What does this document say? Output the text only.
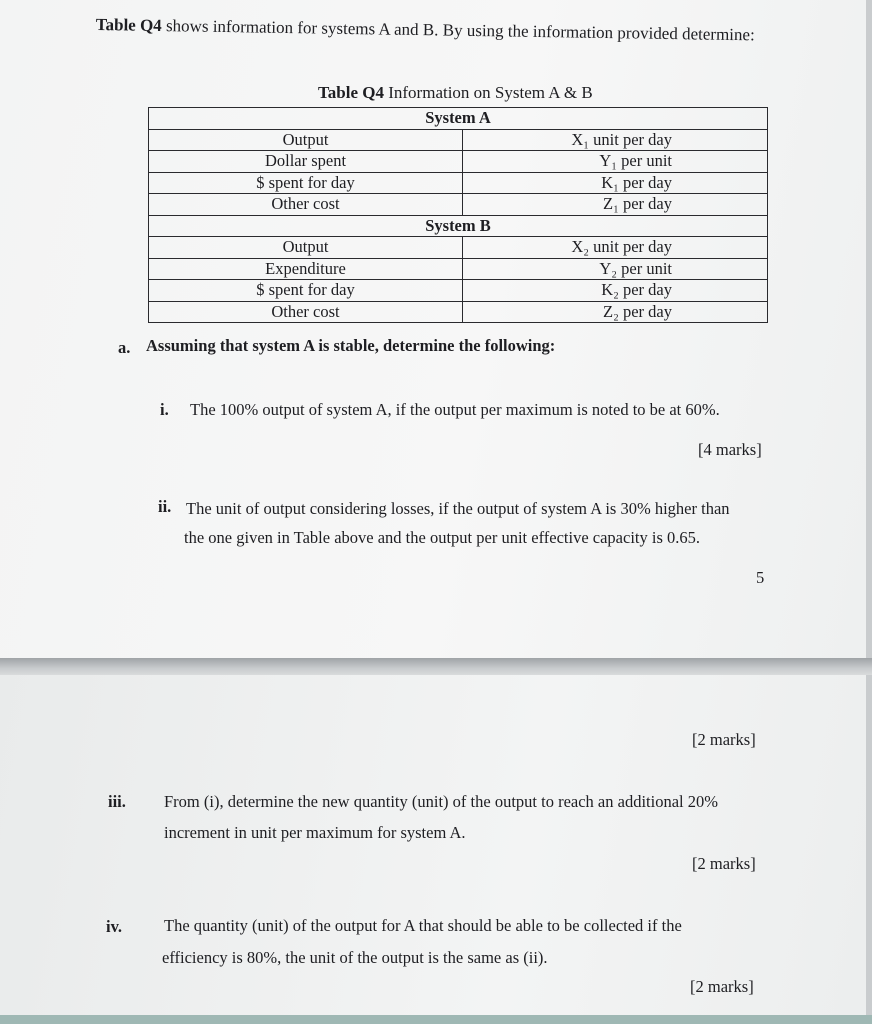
Table Q4 shows information for systems A and B. By using the information provided determine:
Table Q4 Information on System A & B
System A	
Output	X₁ unit per day
Dollar spent	Y₁ per unit
$ spent for day	K₁ per day
Other cost	Z₁ per day
System B	
Output	X₂ unit per day
Expenditure	Y₂ per unit
$ spent for day	K₂ per day
Other cost	Z₂ per day
a. Assuming that system A is stable, determine the following:
i. The 100% output of system A, if the output per maximum is noted to be at 60%.
[4 marks]
ii. The unit of output considering losses, if the output of system A is 30% higher than
the one given in Table above and the output per unit effective capacity is 0.65.
5
[2 marks]
iii. From (i), determine the new quantity (unit) of the output to reach an additional 20%
increment in unit per maximum for system A.
[2 marks]
iv.	The quantity (unit) of the output for A that should be able to be collected if the
efficiency is 80%, the unit of the output is the same as (ii).
[2 marks]
